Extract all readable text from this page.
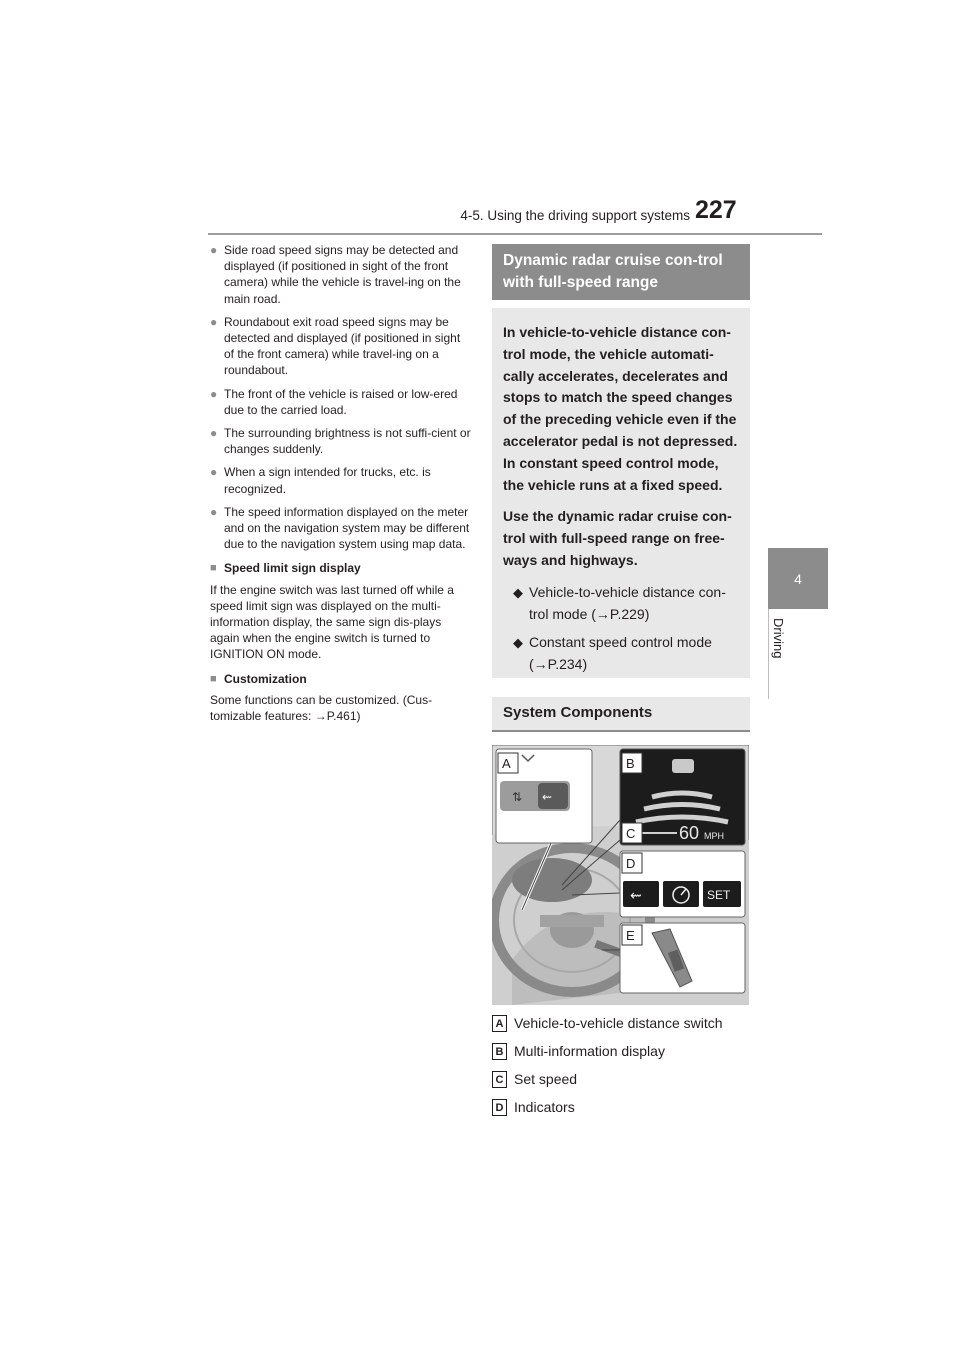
4-5. Using the driving support systems 227
4
Driving
● Side road speed signs may be detected and displayed (if positioned in sight of the front camera) while the vehicle is travel-ing on the main road.
● Roundabout exit road speed signs may be detected and displayed (if positioned in sight of the front camera) while travel-ing on a roundabout.
● The front of the vehicle is raised or low-ered due to the carried load.
● The surrounding brightness is not suffi-cient or changes suddenly.
● When a sign intended for trucks, etc. is recognized.
● The speed information displayed on the meter and on the navigation system may be different due to the navigation system using map data.
■ Speed limit sign display
If the engine switch was last turned off while a speed limit sign was displayed on the multi-information display, the same sign dis-plays again when the engine switch is turned to IGNITION ON mode.
■ Customization
Some functions can be customized. (Cus-tomizable features: →P.461)
Dynamic radar cruise con-trol with full-speed range
In vehicle-to-vehicle distance con-trol mode, the vehicle automati-cally accelerates, decelerates and stops to match the speed changes of the preceding vehicle even if the accelerator pedal is not depressed. In constant speed control mode, the vehicle runs at a fixed speed.
Use the dynamic radar cruise con-trol with full-speed range on free-ways and highways.
◆ Vehicle-to-vehicle distance con-trol mode (→P.229)
◆ Constant speed control mode (→P.234)
System Components
⇅ ⇜
A
60 MPH
B
C
D
⇜	SET
E
A Vehicle-to-vehicle distance switch
B Multi-information display
C Set speed
D Indicators
